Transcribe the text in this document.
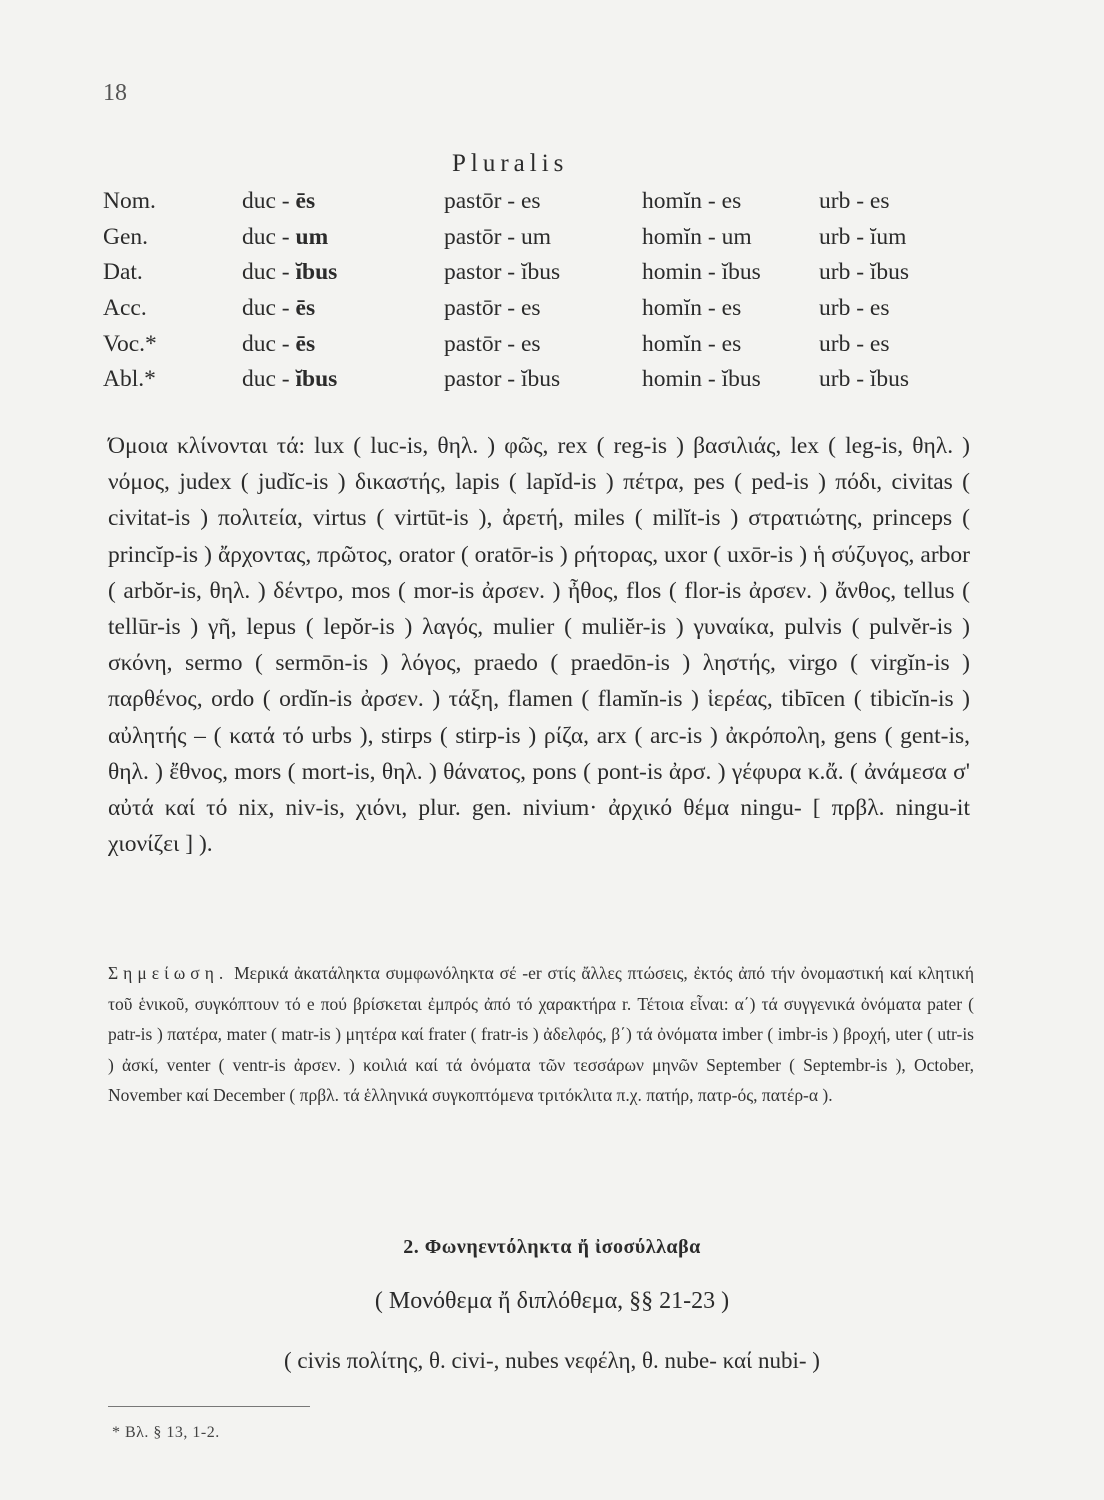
18
Pluralis
Nom.	duc - ēs	pastōr - es	homĭn - es	urb - es
Gen.	duc - um	pastōr - um	homĭn - um	urb - ĭum
Dat.	duc - ĭbus	pastor - ĭbus	homin - ĭbus	urb - ĭbus
Acc.	duc - ēs	pastōr - es	homĭn - es	urb - es
Voc.*	duc - ēs	pastōr - es	homĭn - es	urb - es
Abl.*	duc - ĭbus	pastor - ĭbus	homin - ĭbus	urb - ĭbus

Όμοια κλίνονται τά: lux ( luc-is, θηλ. ) φῶς, rex ( reg-is ) βασιλιάς, lex ( leg-is, θηλ. ) νόμος, judex ( judĭc-is ) δικαστής, lapis ( lapĭd-is ) πέτρα, pes ( ped-is ) πόδι, civitas ( civitat-is ) πολιτεία, virtus ( virtūt-is ), ἀρετή, miles ( milĭt-is ) στρατιώτης, princeps ( princĭp-is ) ἄρχοντας, πρῶτος, orator ( oratōr-is ) ρήτορας, uxor ( uxōr-is ) ἡ σύζυγος, arbor ( arbŏr-is, θηλ. ) δέντρο, mos ( mor-is ἀρσεν. ) ἦθος, flos ( flor-is ἀρσεν. ) ἄνθος, tellus ( tellūr-is ) γῆ, lepus ( lepŏr-is ) λαγός, mulier ( muliĕr-is ) γυναίκα, pulvis ( pulvĕr-is ) σκόνη, sermo ( sermōn-is ) λόγος, praedo ( praedōn-is ) ληστής, virgo ( virgĭn-is ) παρθένος, ordo ( ordĭn-is ἀρσεν. ) τάξη, flamen ( flamĭn-is ) ἱερέας, tibīcen ( tibicĭn-is ) αὐλητής – ( κατά τό urbs ), stirps ( stirp-is ) ρίζα, arx ( arc-is ) ἀκρόπολη, gens ( gent-is, θηλ. ) ἔθνος, mors ( mort-is, θηλ. ) θάνατος, pons ( pont-is ἀρσ. ) γέφυρα κ.ἄ. ( ἀνάμεσα σ' αὐτά καί τό nix, niv-is, χιόνι, plur. gen. nivium· ἀρχικό θέμα ningu- [ πρβλ. ningu-it χιονίζει ] ).

Σημείωση. Μερικά ἀκατάληκτα συμφωνόληκτα σέ -er στίς ἄλλες πτώσεις, ἐκτός ἀπό τήν ὀνομαστική καί κλητική τοῦ ἑνικοῦ, συγκόπτουν τό e πού βρίσκεται ἐμπρός ἀπό τό χαρακτήρα r. Τέτοια εἶναι: α΄) τά συγγενικά ὀνόματα pater ( patr-is ) πατέρα, mater ( matr-is ) μητέρα καί frater ( fratr-is ) ἀδελφός, β΄) τά ὀνόματα imber ( imbr-is ) βροχή, uter ( utr-is ) ἀσκί, venter ( ventr-is ἀρσεν. ) κοιλιά καί τά ὀνόματα τῶν τεσσάρων μηνῶν September ( Septembr-is ), October, November καί December ( πρβλ. τά ἑλληνικά συγκοπτόμενα τριτόκλιτα π.χ. πατήρ, πατρ-ός, πατέρ-α ).

2. Φωνηεντόληκτα ἤ ἰσοσύλλαβα
( Μονόθεμα ἤ διπλόθεμα, §§ 21-23 )
( civis πολίτης, θ. civi-, nubes νεφέλη, θ. nube- καί nubi- )
* Βλ. § 13, 1-2.
